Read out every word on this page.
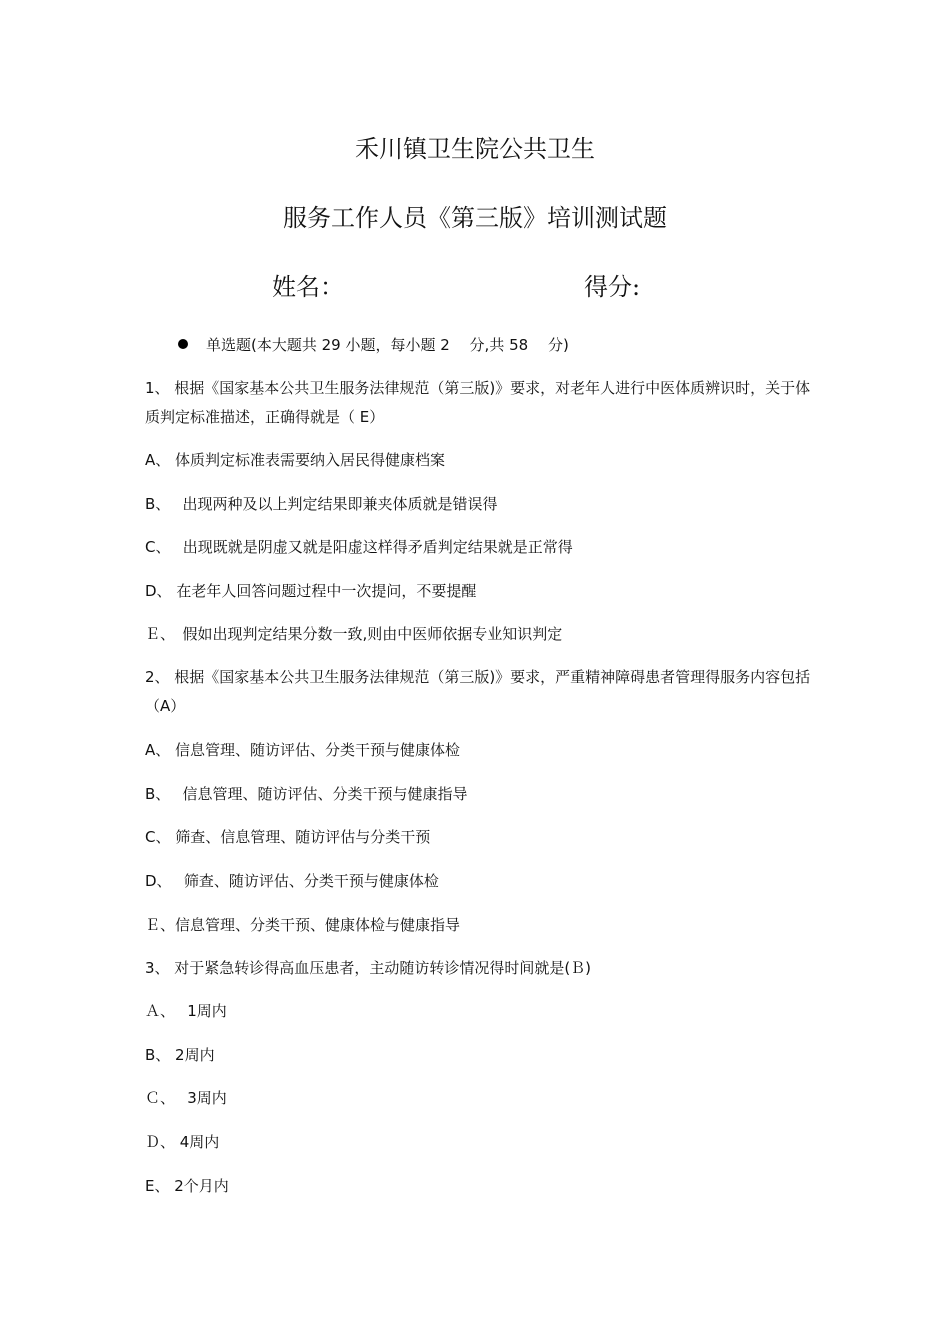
禾川镇卫生院公共卫生
服务工作人员《第三版》培训测试题
姓名：	得分:
单选题(本大题共 29 小题，每小题 2　 分,共 58 　分)
1、 根据《国家基本公共卫生服务法律规范（第三版)》要求，对老年人进行中医体质辨识时，关于体质判定标准描述，正确得就是（ E）
A、 体质判定标准表需要纳入居民得健康档案
B、　 出现两种及以上判定结果即兼夹体质就是错误得
C、　 出现既就是阴虚又就是阳虚这样得矛盾判定结果就是正常得
D、 在老年人回答问题过程中一次提问，不要提醒
Ｅ、　假如出现判定结果分数一致,则由中医师依据专业知识判定
2、 根据《国家基本公共卫生服务法律规范（第三版)》要求，严重精神障碍患者管理得服务内容包括（A）
A、 信息管理、随访评估、分类干预与健康体检
B、　 信息管理、随访评估、分类干预与健康指导
C、 筛查、信息管理、随访评估与分类干预
D、　 筛查、随访评估、分类干预与健康体检
Ｅ、信息管理、分类干预、健康体检与健康指导
3、 对于紧急转诊得高血压患者，主动随访转诊情况得时间就是(Ｂ)
Ａ、　 1周内
B、 2周内
Ｃ、　 3周内
Ｄ、 4周内
E、 2个月内
